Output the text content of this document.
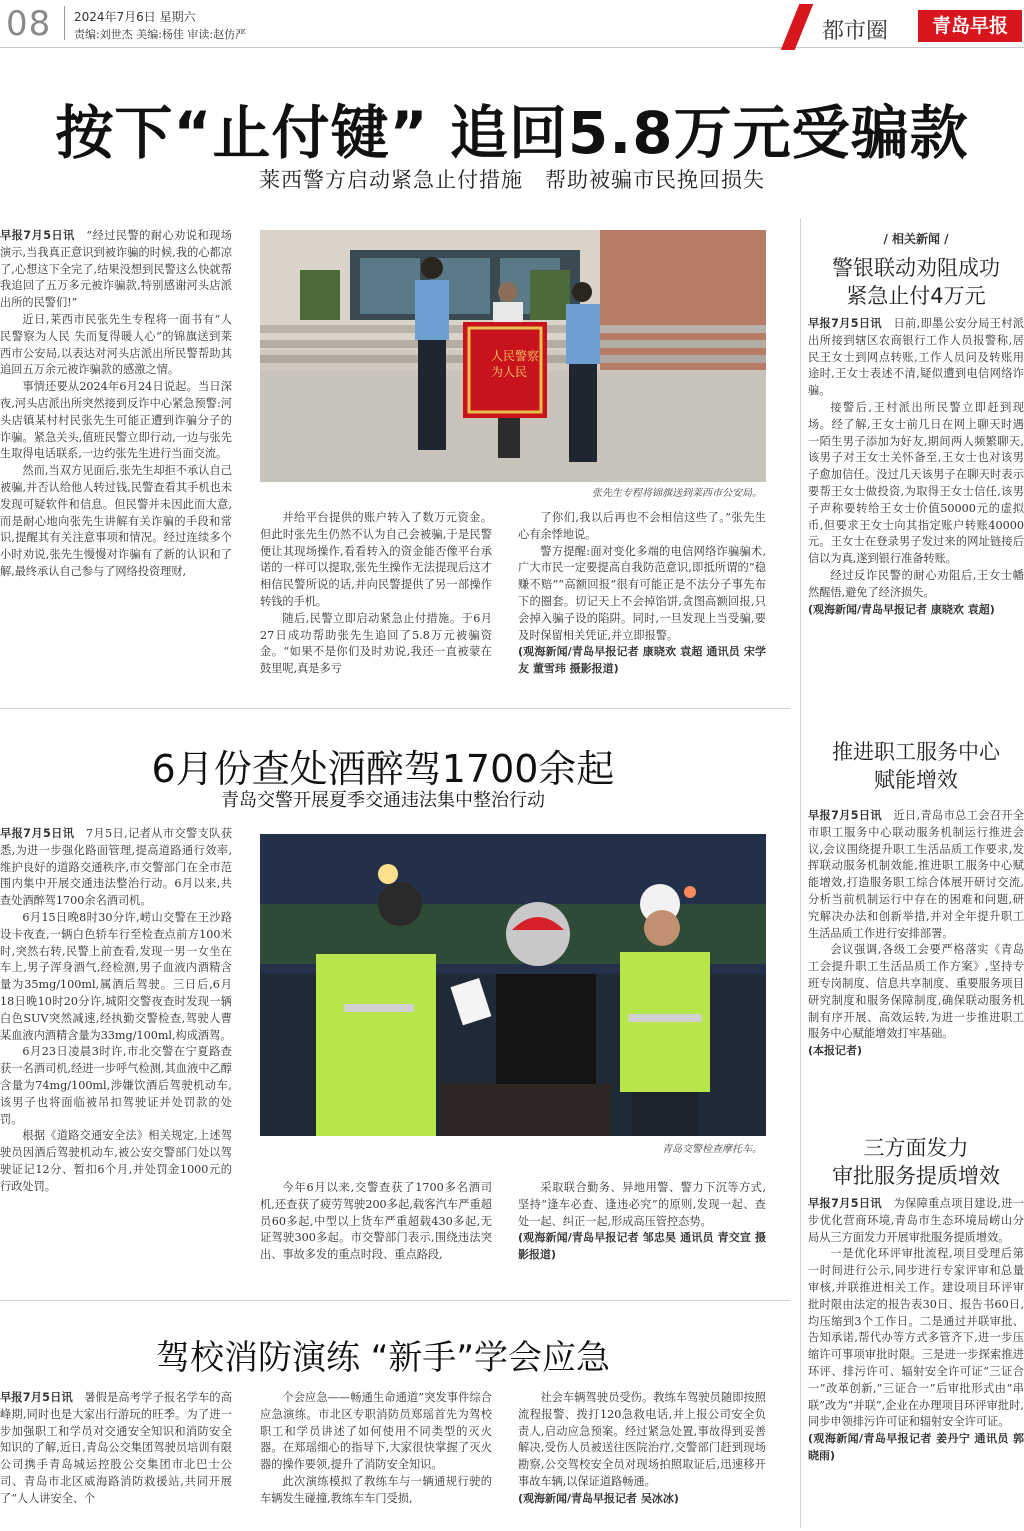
08 2024年7月6日 星期六
责编:刘世杰 美编:杨佳 审读:赵仿严	都市圈	青岛早报
按下“止付键” 追回5.8万元受骗款
莱西警方启动紧急止付措施　帮助被骗市民挽回损失

早报7月5日讯　“经过民警的耐心劝说和现场演示,当我真正意识到被诈骗的时候,我的心都凉了,心想这下全完了,结果没想到民警这么快就帮我追回了五万多元被诈骗款,特别感谢河头店派出所的民警们!”

近日,莱西市民张先生专程将一面书有“人民警察为人民 失而复得暖人心”的锦旗送到莱西市公安局,以表达对河头店派出所民警帮助其追回五万余元被诈骗款的感激之情。

事情还要从2024年6月24日说起。当日深夜,河头店派出所突然接到反诈中心紧急预警:河头店镇某村村民张先生可能正遭到诈骗分子的诈骗。紧急关头,值班民警立即行动,一边与张先生取得电话联系,一边约张先生进行当面交流。

然而,当双方见面后,张先生却拒不承认自己被骗,并否认给他人转过钱,民警查看其手机也未发现可疑软件和信息。但民警并未因此而大意,而是耐心地向张先生讲解有关诈骗的手段和常识,提醒其有关注意事项和情况。经过连续多个小时劝说,张先生慢慢对诈骗有了新的认识和了解,最终承认自己参与了网络投资理财,

人民警察
为人民
张先生专程将锦旗送到莱西市公安局。

并给平台提供的账户转入了数万元资金。但此时张先生仍然不认为自己会被骗,于是民警便让其现场操作,看看转入的资金能否像平台承诺的一样可以提取,张先生操作无法提现后这才相信民警所说的话,并向民警提供了另一部操作转钱的手机。

随后,民警立即启动紧急止付措施。于6月27日成功帮助张先生追回了5.8万元被骗资金。“如果不是你们及时劝说,我还一直被蒙在鼓里呢,真是多亏

了你们,我以后再也不会相信这些了。”张先生心有余悸地说。

警方提醒:面对变化多端的电信网络诈骗骗术,广大市民一定要提高自我防范意识,即抵所谓的“稳赚不赔”“高额回报”很有可能正是不法分子事先布下的圈套。切记天上不会掉馅饼,贪图高额回报,只会掉入骗子设的陷阱。同时,一旦发现上当受骗,要及时保留相关凭证,并立即报警。

(观海新闻/青岛早报记者 康晓欢 袁超 通讯员 宋学友 董雪玮 摄影报道)

6月份查处酒醉驾1700余起
青岛交警开展夏季交通违法集中整治行动

早报7月5日讯　7月5日,记者从市交警支队获悉,为进一步强化路面管理,提高道路通行效率,维护良好的道路交通秩序,市交警部门在全市范围内集中开展交通违法整治行动。6月以来,共查处酒醉驾1700余名酒司机。

6月15日晚8时30分许,崂山交警在王沙路设卡夜查,一辆白色轿车行至检查点前方100米时,突然右转,民警上前查看,发现一男一女坐在车上,男子浑身酒气,经检测,男子血液内酒精含量为35mg/100ml,属酒后驾驶。三日后,6月18日晚10时20分许,城阳交警夜查时发现一辆白色SUV突然减速,经执勤交警检查,驾驶人曹某血液内酒精含量为33mg/100ml,构成酒驾。

6月23日凌晨3时许,市北交警在宁夏路查获一名酒司机,经进一步呼气检测,其血液中乙醇含量为74mg/100ml,涉嫌饮酒后驾驶机动车,该男子也将面临被吊扣驾驶证并处罚款的处罚。

根据《道路交通安全法》相关规定,上述驾驶员因酒后驾驶机动车,被公安交警部门处以驾驶证记12分、暂扣6个月,并处罚金1000元的行政处罚。

青岛交警检查摩托车。

今年6月以来,交警查获了1700多名酒司机,还查获了疲劳驾驶200多起,载客汽车严重超员60多起,中型以上货车严重超载430多起,无证驾驶300多起。市交警部门表示,围绕违法突出、事故多发的重点时段、重点路段,

采取联合勤务、异地用警、警力下沉等方式,坚持“逢车必查、逢违必究”的原则,发现一起、查处一起、纠正一起,形成高压管控态势。

(观海新闻/青岛早报记者 邹忠昊 通讯员 青交宣 摄影报道)

驾校消防演练 “新手”学会应急

早报7月5日讯　暑假是高考学子报名学车的高峰期,同时也是大家出行游玩的旺季。为了进一步加强职工和学员对交通安全知识和消防安全知识的了解,近日,青岛公交集团驾驶员培训有限公司携手青岛城运控股公交集团市北巴士公司、青岛市北区威海路消防救援站,共同开展了“人人讲安全、个

个会应急——畅通生命通道”突发事件综合应急演练。市北区专职消防员郑瑶首先为驾校职工和学员讲述了如何使用不同类型的灭火器。在郑瑶细心的指导下,大家很快掌握了灭火器的操作要领,提升了消防安全知识。

此次演练模拟了教练车与一辆通规行驶的车辆发生碰撞,教练车车门受损,

社会车辆驾驶员受伤。教练车驾驶员随即按照流程报警、拨打120急救电话,并上报公司安全负责人,启动应急预案。经过紧急处置,事故得到妥善解决,受伤人员被送往医院治疗,交警部门赶到现场勘察,公交驾校安全员对现场拍照取证后,迅速移开事故车辆,以保证道路畅通。

(观海新闻/青岛早报记者 吴冰冰)

/ 相关新闻 /
警银联动劝阻成功
紧急止付4万元

早报7月5日讯　日前,即墨公安分局王村派出所接到辖区农商银行工作人员报警称,居民王女士到网点转账,工作人员问及转账用途时,王女士表述不清,疑似遭到电信网络诈骗。

接警后,王村派出所民警立即赶到现场。经了解,王女士前几日在网上聊天时遇一陌生男子添加为好友,期间两人频繁聊天,该男子对王女士关怀备至,王女士也对该男子愈加信任。没过几天该男子在聊天时表示要帮王女士做投资,为取得王女士信任,该男子声称要转给王女士价值50000元的虚拟币,但要求王女士向其指定账户转账40000元。王女士在登录男子发过来的网址链接后信以为真,遂到银行准备转账。

经过反诈民警的耐心劝阻后,王女士幡然醒悟,避免了经济损失。

(观海新闻/青岛早报记者 康晓欢 袁超)

推进职工服务中心
赋能增效

早报7月5日讯　近日,青岛市总工会召开全市职工服务中心联动服务机制运行推进会议,会议围绕提升职工生活品质工作要求,发挥联动服务机制效能,推进职工服务中心赋能增效,打造服务职工综合体展开研讨交流,分析当前机制运行中存在的困难和问题,研究解决办法和创新举措,并对全年提升职工生活品质工作进行安排部署。

会议强调,各级工会要严格落实《青岛工会提升职工生活品质工作方案》,坚持专班专岗制度、信息共享制度、重要服务项目研究制度和服务保障制度,确保联动服务机制有序开展、高效运转,为进一步推进职工服务中心赋能增效打牢基础。

(本报记者)

三方面发力
审批服务提质增效

早报7月5日讯　为保障重点项目建设,进一步优化营商环境,青岛市生态环境局崂山分局从三方面发力开展审批服务提质增效。

一是优化环评审批流程,项目受理后第一时间进行公示,同步进行专家评审和总量审核,并联推进相关工作。建设项目环评审批时限由法定的报告表30日、报告书60日,均压缩到3个工作日。二是通过并联审批、告知承诺,帮代办等方式多管齐下,进一步压缩许可事项审批时限。三是进一步探索推进环评、排污许可、辐射安全许可证“三证合一”改革创新,“三证合一”后审批形式由“串联”改为“并联”,企业在办理项目环评审批时,同步申领排污许可证和辐射安全许可证。

(观海新闻/青岛早报记者 姜丹宁 通讯员 郭晓雨)
